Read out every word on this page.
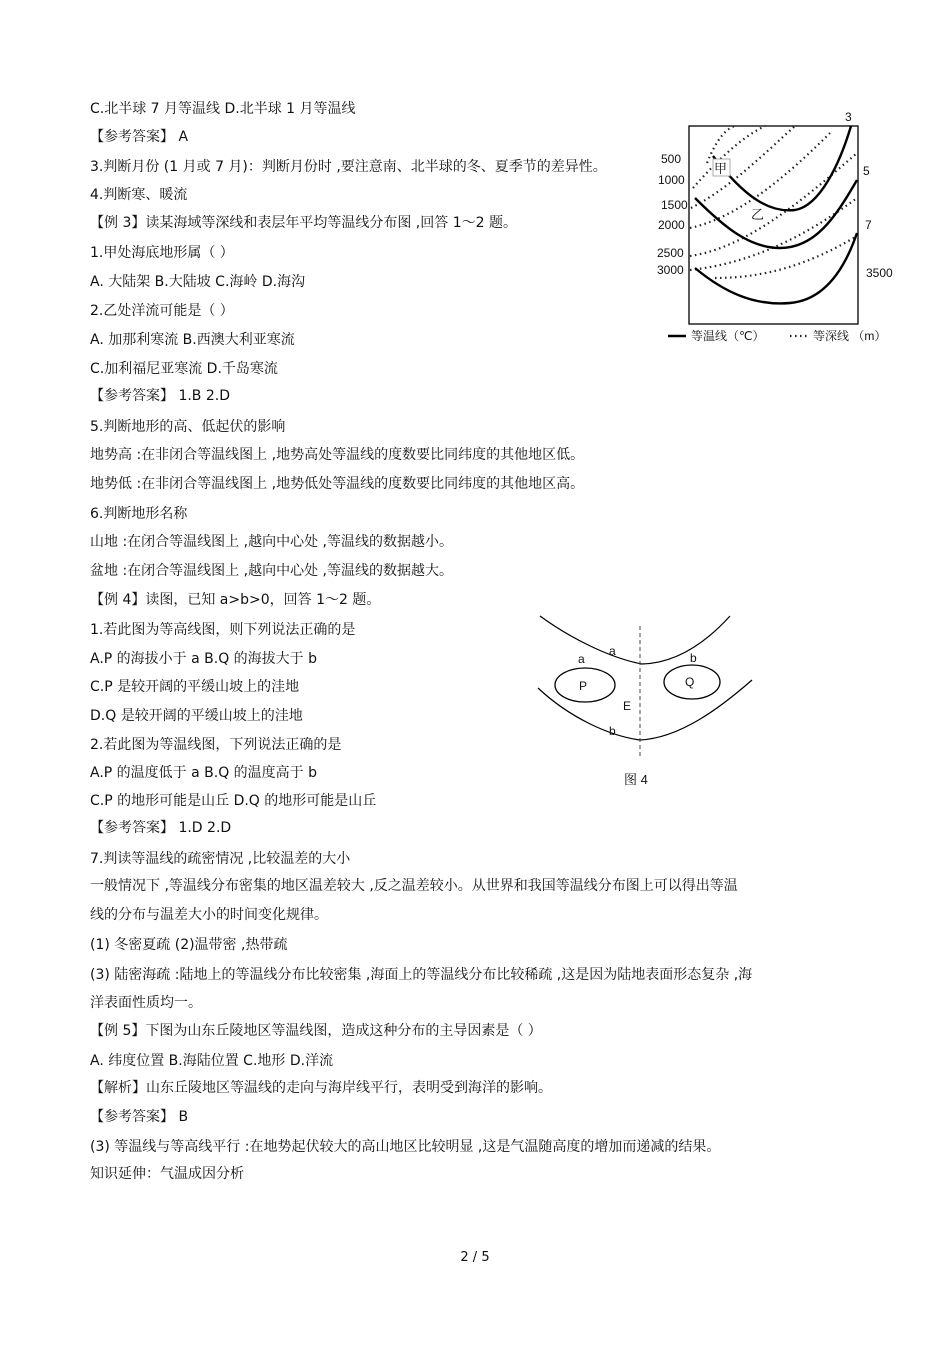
C.北半球 7 月等温线 D.北半球 1 月等温线
【参考答案】 A
3.判断月份 (1 月或 7 月)：判断月份时 ,要注意南、北半球的冬、夏季节的差异性。
4.判断寒、暖流
【例 3】读某海域等深线和表层年平均等温线分布图 ,回答 1～2 题。
1.甲处海底地形属（ ）
A. 大陆架 B.大陆坡 C.海岭 D.海沟
2.乙处洋流可能是（ ）
A. 加那利寒流 B.西澳大利亚寒流
C.加利福尼亚寒流 D.千岛寒流
【参考答案】 1.B 2.D
5.判断地形的高、低起伏的影响
地势高 :在非闭合等温线图上 ,地势高处等温线的度数要比同纬度的其他地区低。
地势低 :在非闭合等温线图上 ,地势低处等温线的度数要比同纬度的其他地区高。
6.判断地形名称
山地 :在闭合等温线图上 ,越向中心处 ,等温线的数据越小。
盆地 :在闭合等温线图上 ,越向中心处 ,等温线的数据越大。
【例 4】读图，已知 a>b>0，回答 1～2 题。
1.若此图为等高线图，则下列说法正确的是
A.P 的海拔小于 a B.Q 的海拔大于 b
C.P 是较开阔的平缓山坡上的洼地
D.Q 是较开阔的平缓山坡上的洼地
2.若此图为等温线图，下列说法正确的是
A.P 的温度低于 a B.Q 的温度高于 b
C.P 的地形可能是山丘 D.Q 的地形可能是山丘
【参考答案】 1.D 2.D
7.判读等温线的疏密情况 ,比较温差的大小
一般情况下 ,等温线分布密集的地区温差较大 ,反之温差较小。从世界和我国等温线分布图上可以得出等温
线的分布与温差大小的时间变化规律。
(1) 冬密夏疏 (2)温带密 ,热带疏
(3) 陆密海疏 :陆地上的等温线分布比较密集 ,海面上的等温线分布比较稀疏 ,这是因为陆地表面形态复杂 ,海
洋表面性质均一。
【例 5】下图为山东丘陵地区等温线图，造成这种分布的主导因素是（ ）
A. 纬度位置 B.海陆位置 C.地形 D.洋流
【解析】山东丘陵地区等温线的走向与海岸线平行，表明受到海洋的影响。
【参考答案】 B
(3) 等温线与等高线平行 :在地势起伏较大的高山地区比较明显 ,这是气温随高度的增加而递减的结果。
知识延伸：气温成因分析
500
1000
1500
2000
2500
3000	3500
3
5
7
甲
乙
等温线（℃）	等深线 （m）
a
a	b
P	Q
E
b
图 4
2 / 5
